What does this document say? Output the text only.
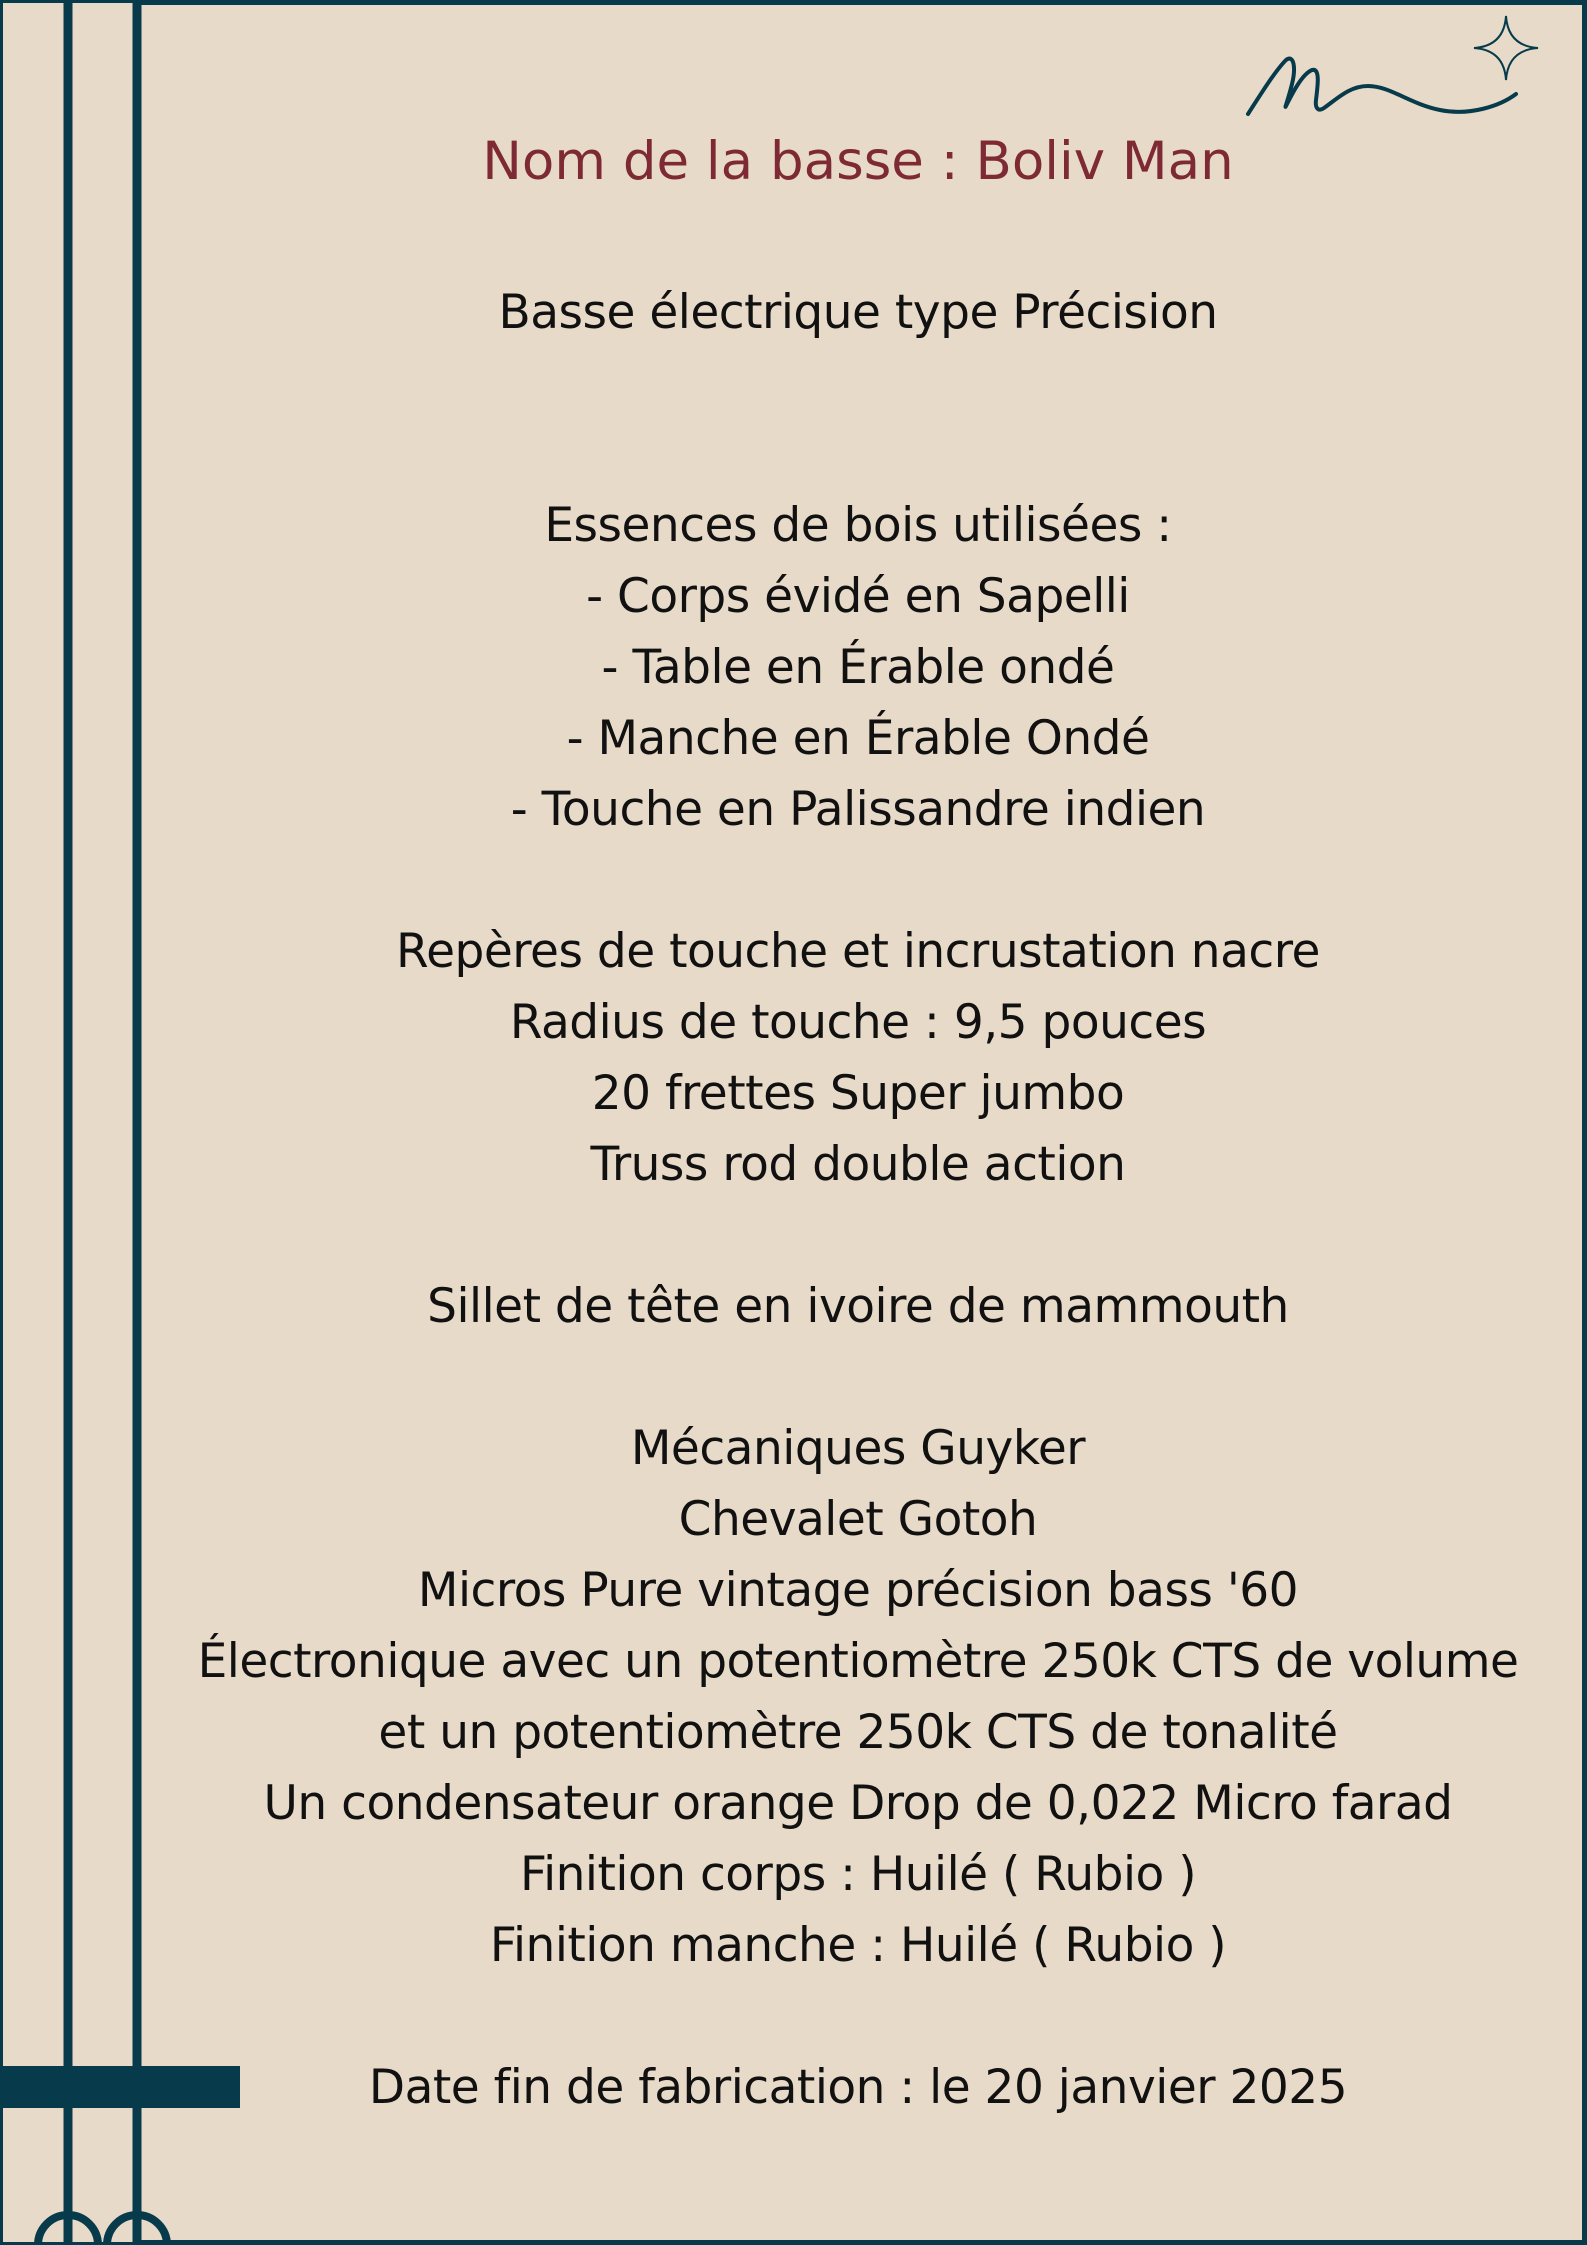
Nom de la basse : Boliv Man
Basse électrique type Précision
Essences de bois utilisées :
- Corps évidé en Sapelli
- Table en Érable ondé
- Manche en Érable Ondé
- Touche en Palissandre indien
Repères de touche et incrustation nacre
Radius de touche : 9,5 pouces
20 frettes Super jumbo
Truss rod double action
Sillet de tête en ivoire de mammouth
Mécaniques Guyker
Chevalet Gotoh
Micros Pure vintage précision bass '60
Électronique avec un potentiomètre 250k CTS de volume
et un potentiomètre 250k CTS de tonalité
Un condensateur orange Drop de 0,022 Micro farad
Finition corps : Huilé ( Rubio )
Finition manche : Huilé ( Rubio )
Date fin de fabrication : le 20 janvier 2025
